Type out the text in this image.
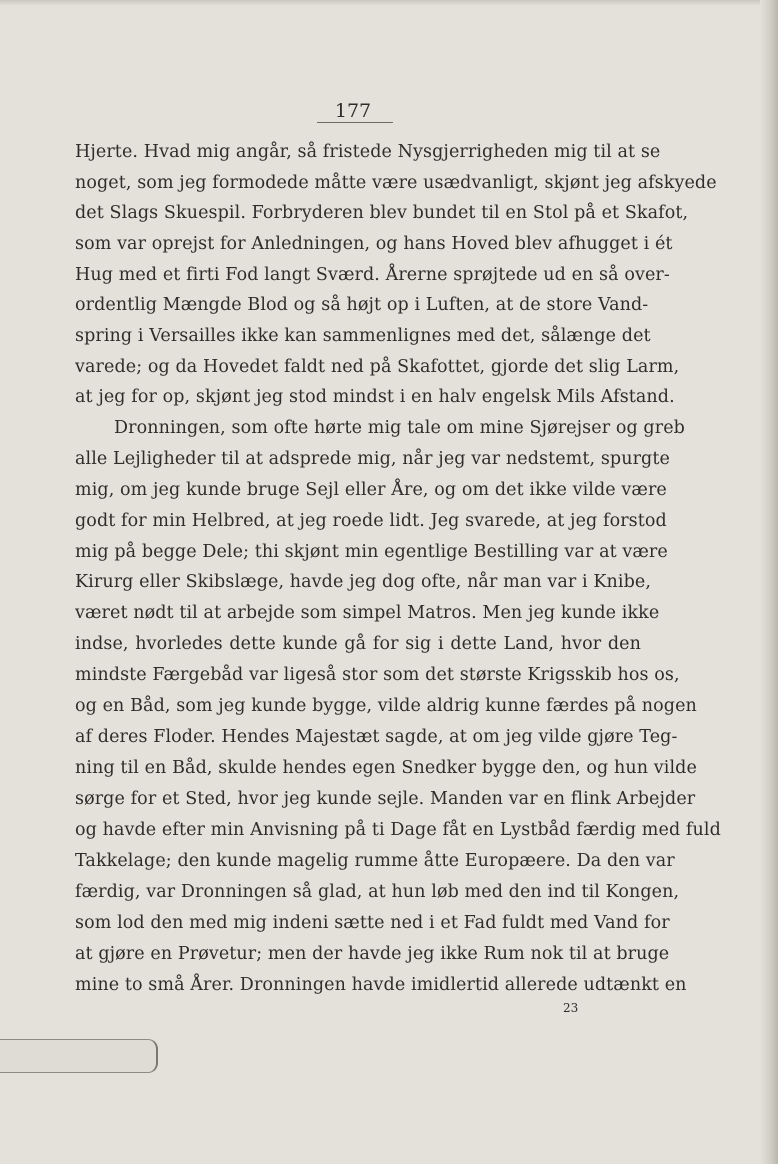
177
Hjerte. Hvad mig angår, så fristede Nysgjerrigheden mig til at se
noget, som jeg formodede måtte være usædvanligt, skjønt jeg afskyede
det Slags Skuespil. Forbryderen blev bundet til en Stol på et Skafot,
som var oprejst for Anledningen, og hans Hoved blev afhugget i ét
Hug med et firti Fod langt Sværd. Årerne sprøjtede ud en så over-
ordentlig Mængde Blod og så højt op i Luften, at de store Vand-
spring i Versailles ikke kan sammenlignes med det, sålænge det
varede; og da Hovedet faldt ned på Skafottet, gjorde det slig Larm,
at jeg for op, skjønt jeg stod mindst i en halv engelsk Mils Afstand.
Dronningen, som ofte hørte mig tale om mine Sjørejser og greb
alle Lejligheder til at adsprede mig, når jeg var nedstemt, spurgte
mig, om jeg kunde bruge Sejl eller Åre, og om det ikke vilde være
godt for min Helbred, at jeg roede lidt. Jeg svarede, at jeg forstod
mig på begge Dele; thi skjønt min egentlige Bestilling var at være
Kirurg eller Skibslæge, havde jeg dog ofte, når man var i Knibe,
været nødt til at arbejde som simpel Matros. Men jeg kunde ikke
indse, hvorledes dette kunde gå for sig i dette Land, hvor den
mindste Færgebåd var ligeså stor som det største Krigsskib hos os,
og en Båd, som jeg kunde bygge, vilde aldrig kunne færdes på nogen
af deres Floder. Hendes Majestæt sagde, at om jeg vilde gjøre Teg-
ning til en Båd, skulde hendes egen Snedker bygge den, og hun vilde
sørge for et Sted, hvor jeg kunde sejle. Manden var en flink Arbejder
og havde efter min Anvisning på ti Dage fåt en Lystbåd færdig med fuld
Takkelage; den kunde magelig rumme åtte Europæere. Da den var
færdig, var Dronningen så glad, at hun løb med den ind til Kongen,
som lod den med mig indeni sætte ned i et Fad fuldt med Vand for
at gjøre en Prøvetur; men der havde jeg ikke Rum nok til at bruge
mine to små Årer. Dronningen havde imidlertid allerede udtænkt en
23
